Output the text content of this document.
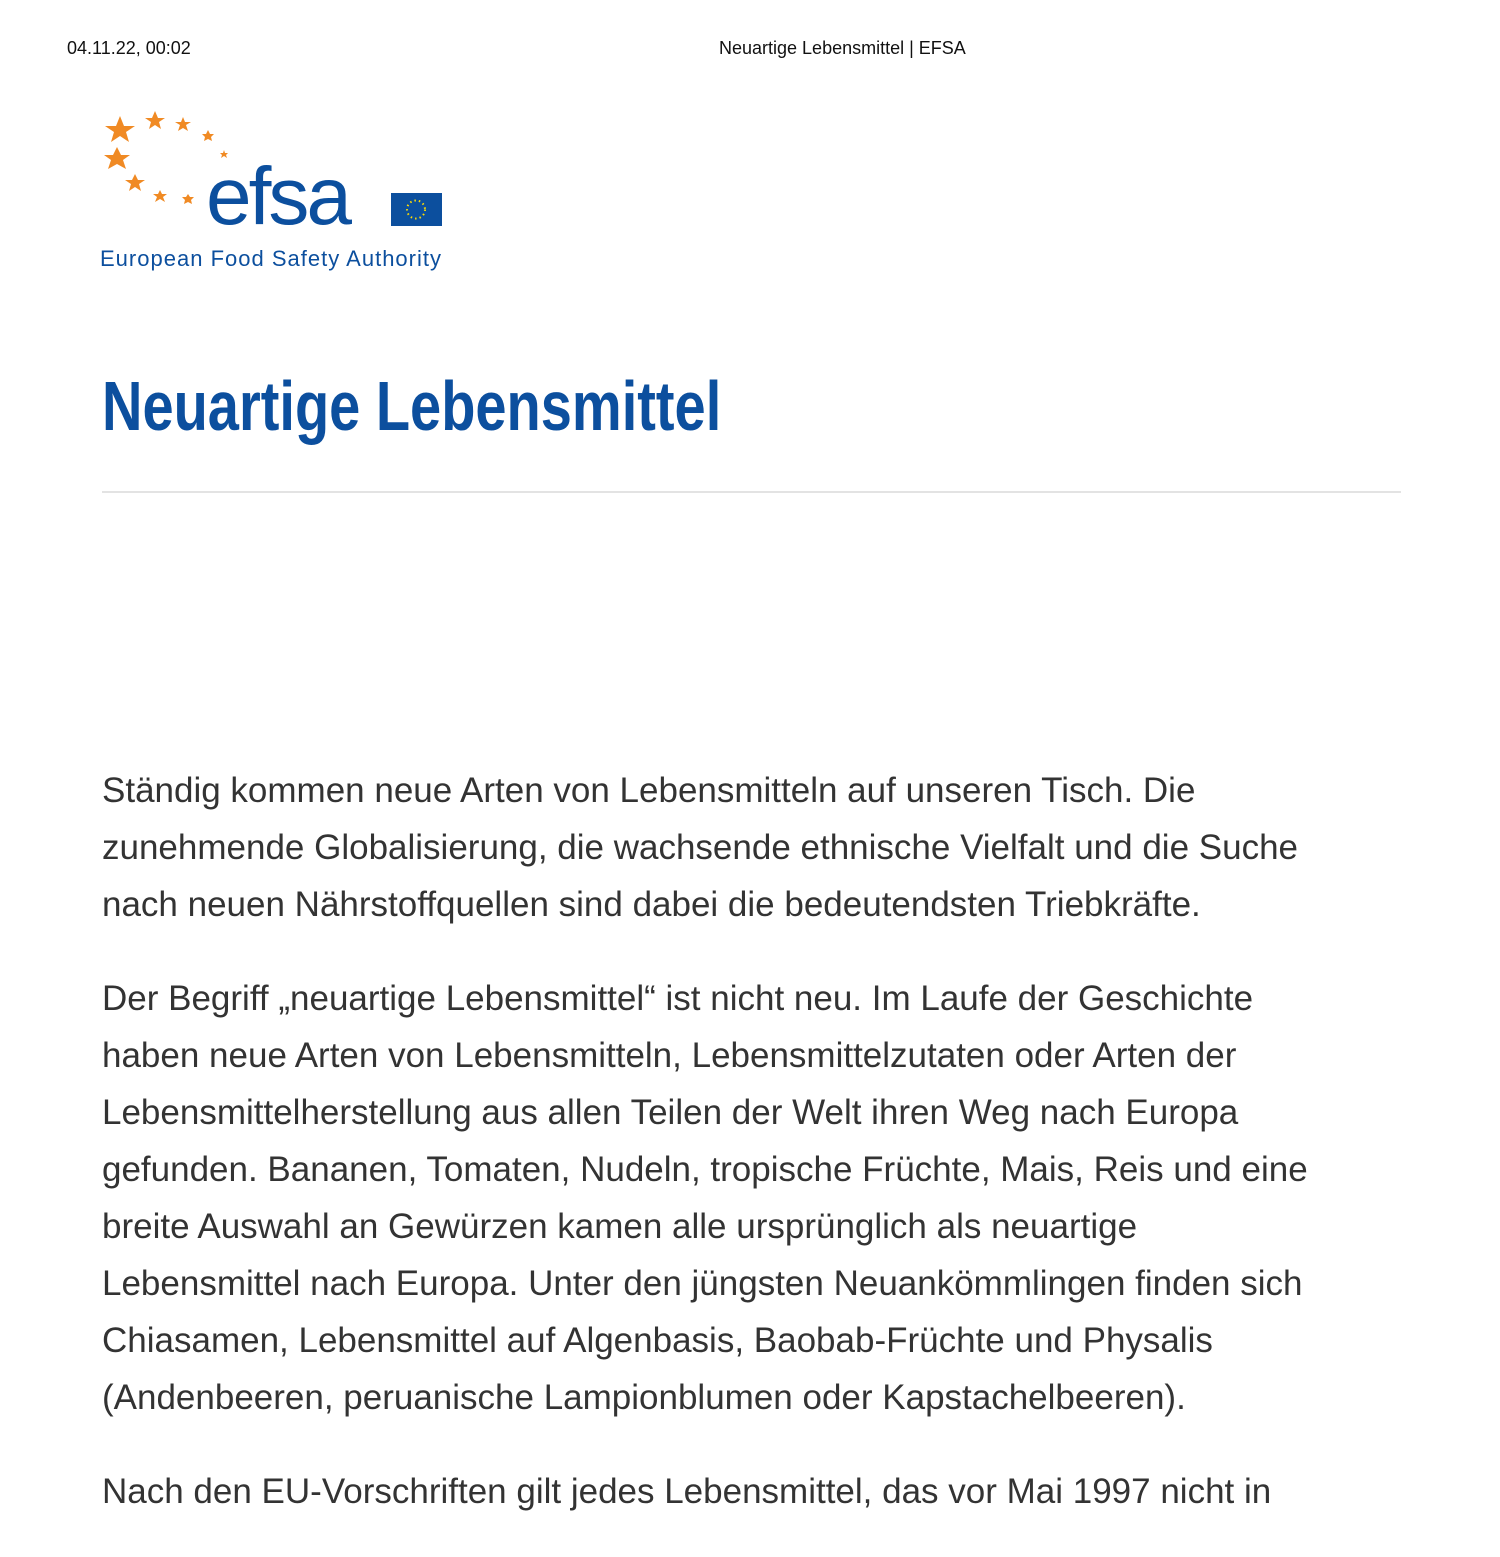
04.11.22, 00:02	Neuartige Lebensmittel | EFSA
efsa
European Food Safety Authority
Neuartige Lebensmittel

Ständig kommen neue Arten von Lebensmitteln auf unseren Tisch. Die
zunehmende Globalisierung, die wachsende ethnische Vielfalt und die Suche
nach neuen Nährstoffquellen sind dabei die bedeutendsten Triebkräfte.

Der Begriff „neuartige Lebensmittel“ ist nicht neu. Im Laufe der Geschichte
haben neue Arten von Lebensmitteln, Lebensmittelzutaten oder Arten der
Lebensmittelherstellung aus allen Teilen der Welt ihren Weg nach Europa
gefunden. Bananen, Tomaten, Nudeln, tropische Früchte, Mais, Reis und eine
breite Auswahl an Gewürzen kamen alle ursprünglich als neuartige
Lebensmittel nach Europa. Unter den jüngsten Neuankömmlingen finden sich
Chiasamen, Lebensmittel auf Algenbasis, Baobab-Früchte und Physalis
(Andenbeeren, peruanische Lampionblumen oder Kapstachelbeeren).

Nach den EU-Vorschriften gilt jedes Lebensmittel, das vor Mai 1997 nicht in
